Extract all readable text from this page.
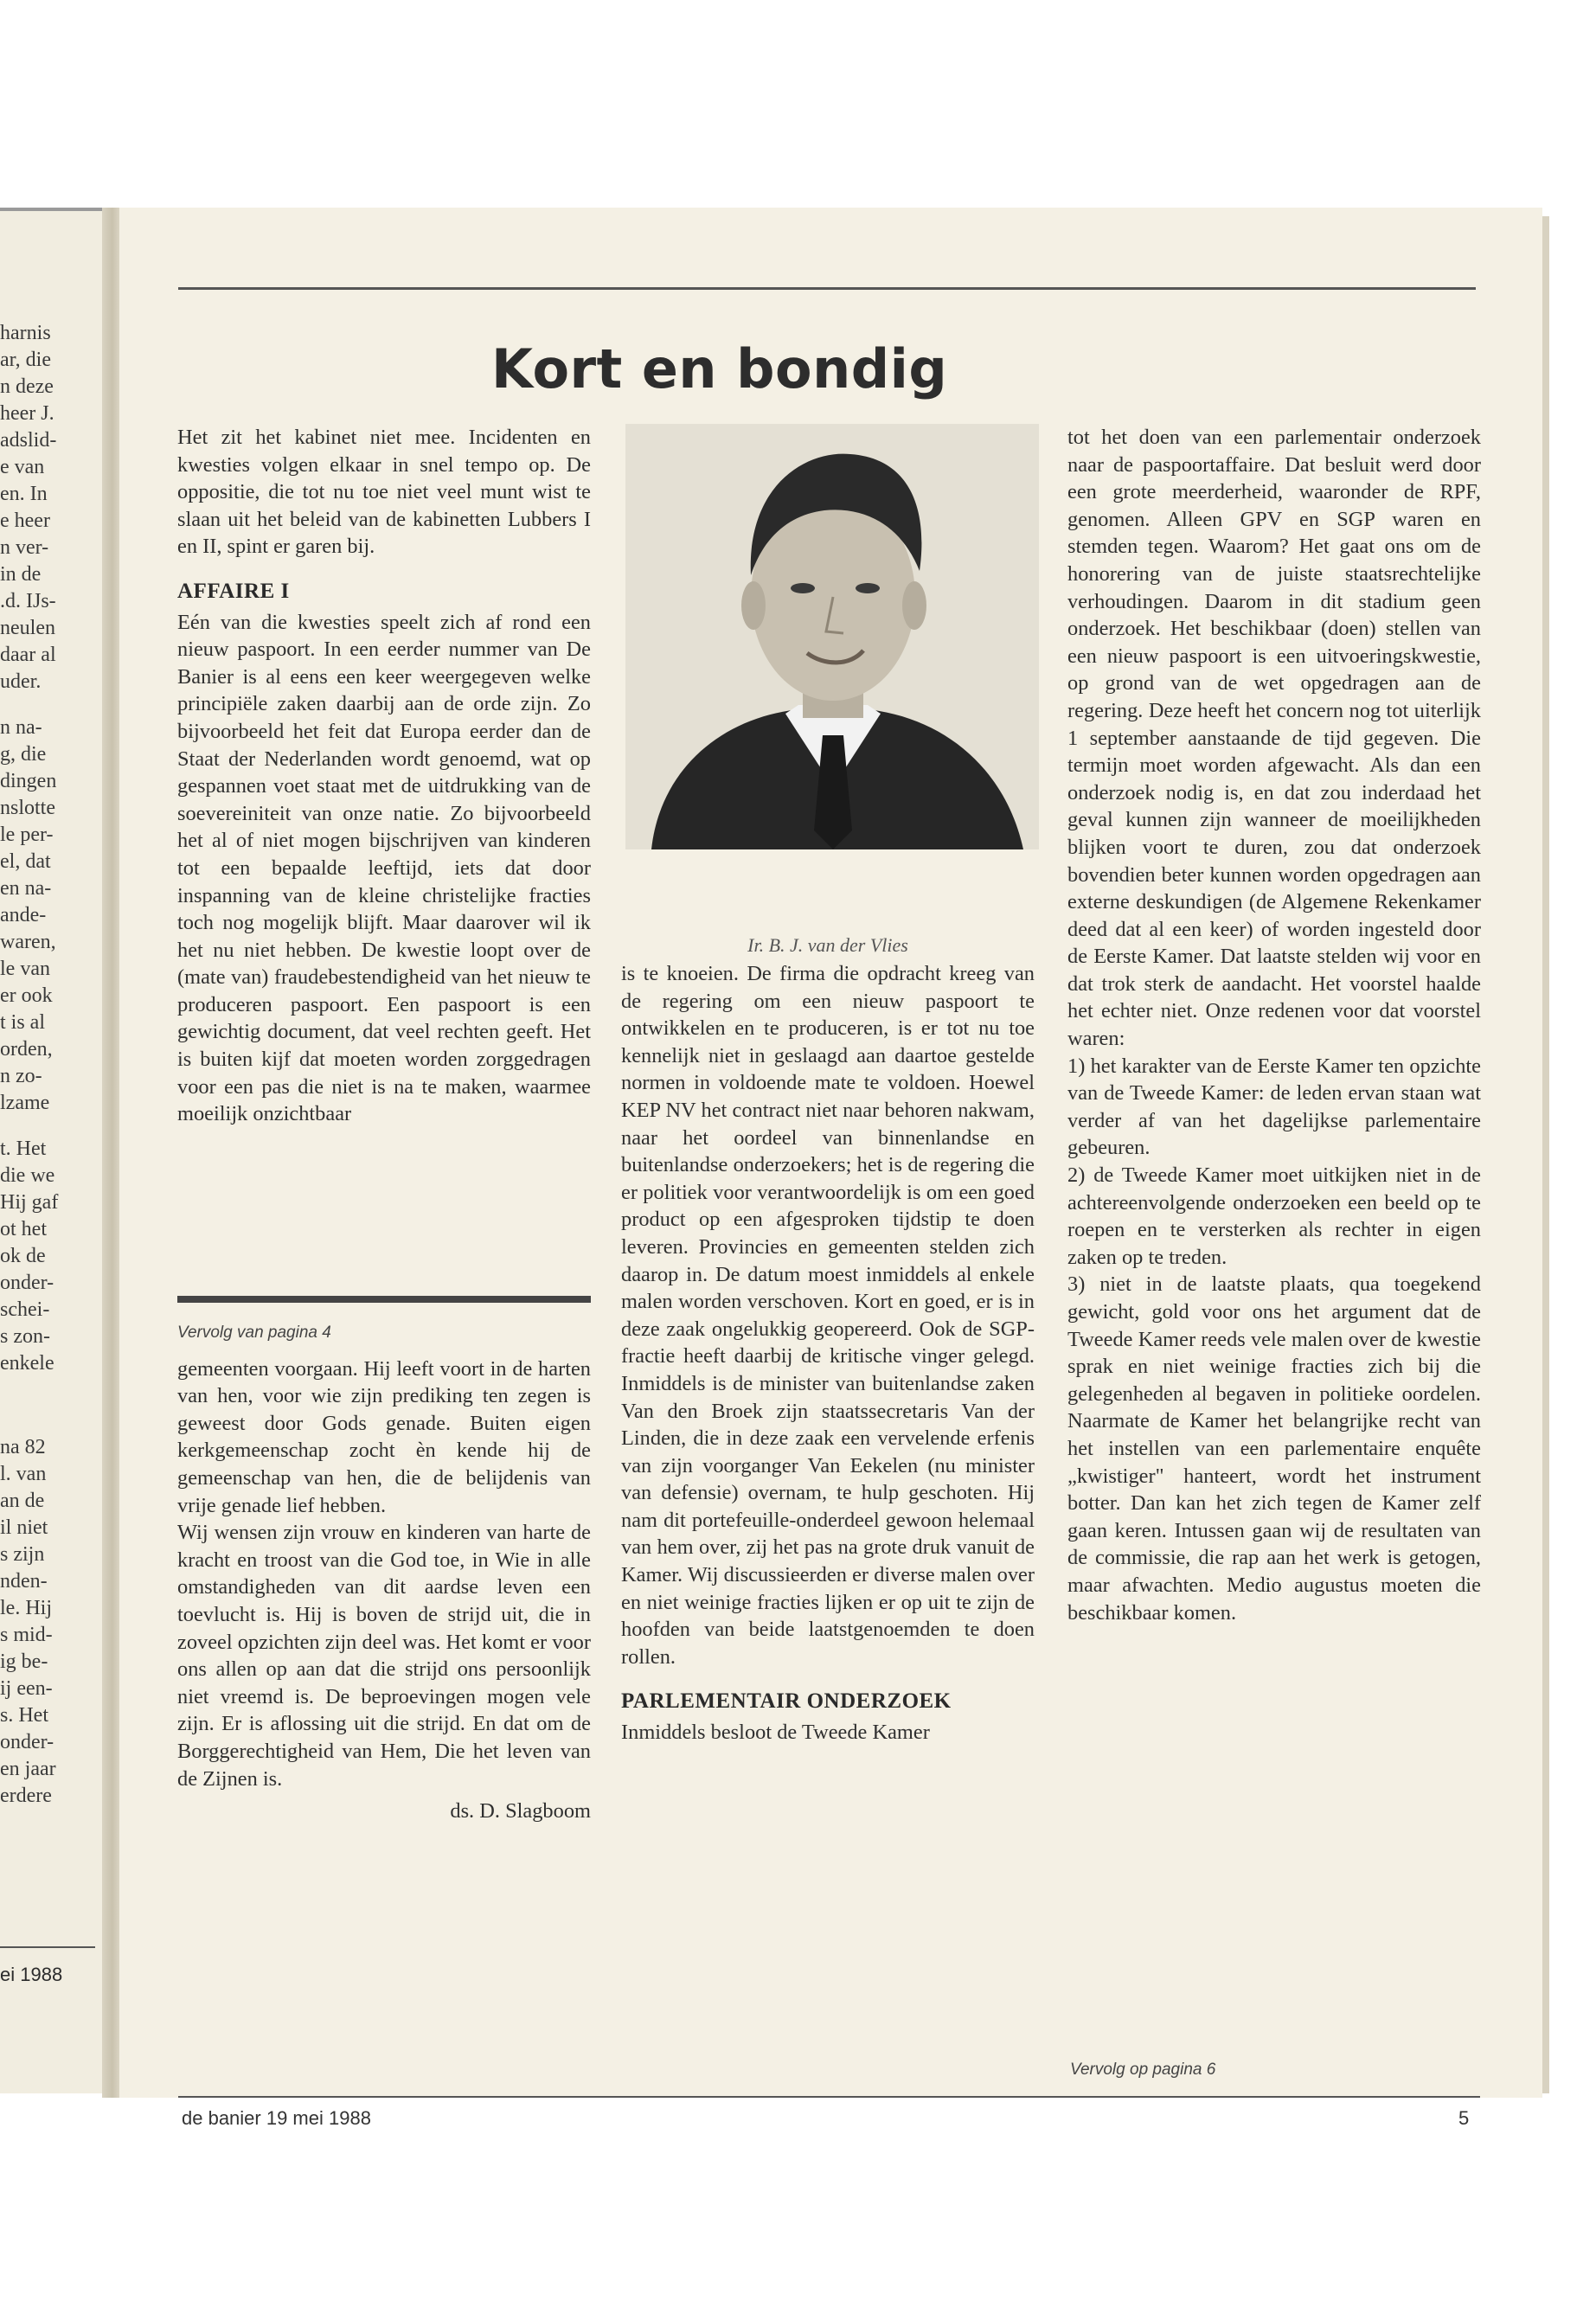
harnis
ar, die
n deze
heer J.
adslid-
e van
en. In
e heer
n ver-
in de
.d. IJs-
neulen
daar al
uder.
n na-
g, die
dingen
nslotte
le per-
el, dat
en na-
ande-
waren,
le van
er ook
t is al
orden,
n zo-
lzame
t. Het
die we
Hij gaf
ot het
ok de
onder-
schei-
s zon-
enkele
na 82
l. van
an de
il niet
s zijn
nden-
le. Hij
s mid-
ig be-
ij een-
s. Het
onder-
en jaar
erdere
ei 1988
Kort en bondig

Het zit het kabinet niet mee. Incidenten en kwesties volgen elkaar in snel tempo op. De oppositie, die tot nu toe niet veel munt wist te slaan uit het beleid van de kabinetten Lubbers I en II, spint er garen bij.

AFFAIRE I

Eén van die kwesties speelt zich af rond een nieuw paspoort. In een eerder nummer van De Banier is al eens een keer weergegeven welke principiële zaken daarbij aan de orde zijn. Zo bijvoorbeeld het feit dat Europa eerder dan de Staat der Nederlanden wordt genoemd, wat op gespannen voet staat met de uitdrukking van de soevereiniteit van onze natie. Zo bijvoorbeeld het al of niet mogen bijschrijven van kinderen tot een bepaalde leeftijd, iets dat door inspanning van de kleine christelijke fracties toch nog mogelijk blijft. Maar daarover wil ik het nu niet hebben. De kwestie loopt over de (mate van) fraudebestendigheid van het nieuw te produceren paspoort. Een paspoort is een gewichtig document, dat veel rechten geeft. Het is buiten kijf dat moeten worden zorggedragen voor een pas die niet is na te maken, waarmee moeilijk onzichtbaar

Vervolg van pagina 4

gemeenten voorgaan. Hij leeft voort in de harten van hen, voor wie zijn prediking ten zegen is geweest door Gods genade. Buiten eigen kerkgemeenschap zocht èn kende hij de gemeenschap van hen, die de belijdenis van vrije genade lief hebben.

Wij wensen zijn vrouw en kinderen van harte de kracht en troost van die God toe, in Wie in alle omstandigheden van dit aardse leven een toevlucht is. Hij is boven de strijd uit, die in zoveel opzichten zijn deel was. Het komt er voor ons allen op aan dat die strijd ons persoonlijk niet vreemd is. De beproevingen mogen vele zijn. Er is aflossing uit die strijd. En dat om de Borggerechtigheid van Hem, Die het leven van de Zijnen is.

ds. D. Slagboom
Ir. B. J. van der Vlies

is te knoeien. De firma die opdracht kreeg van de regering om een nieuw paspoort te ontwikkelen en te produceren, is er tot nu toe kennelijk niet in geslaagd aan daartoe gestelde normen in voldoende mate te voldoen. Hoewel KEP NV het contract niet naar behoren nakwam, naar het oordeel van binnenlandse en buitenlandse onderzoekers; het is de regering die er politiek voor verantwoordelijk is om een goed product op een afgesproken tijdstip te doen leveren. Provincies en gemeenten stelden zich daarop in. De datum moest inmiddels al enkele malen worden verschoven. Kort en goed, er is in deze zaak ongelukkig geopereerd. Ook de SGP-fractie heeft daarbij de kritische vinger gelegd. Inmiddels is de minister van buitenlandse zaken Van den Broek zijn staatssecretaris Van der Linden, die in deze zaak een vervelende erfenis van zijn voorganger Van Eekelen (nu minister van defensie) overnam, te hulp geschoten. Hij nam dit portefeuille-onderdeel gewoon helemaal van hem over, zij het pas na grote druk vanuit de Kamer. Wij discussieerden er diverse malen over en niet weinige fracties lijken er op uit te zijn de hoofden van beide laatstgenoemden te doen rollen.

PARLEMENTAIR ONDERZOEK

Inmiddels besloot de Tweede Kamer

tot het doen van een parlementair onderzoek naar de paspoortaffaire. Dat besluit werd door een grote meerderheid, waaronder de RPF, genomen. Alleen GPV en SGP waren en stemden tegen. Waarom? Het gaat ons om de honorering van de juiste staatsrechtelijke verhoudingen. Daarom in dit stadium geen onderzoek. Het beschikbaar (doen) stellen van een nieuw paspoort is een uitvoeringskwestie, op grond van de wet opgedragen aan de regering. Deze heeft het concern nog tot uiterlijk 1 september aanstaande de tijd gegeven. Die termijn moet worden afgewacht. Als dan een onderzoek nodig is, en dat zou inderdaad het geval kunnen zijn wanneer de moeilijkheden blijken voort te duren, zou dat onderzoek bovendien beter kunnen worden opgedragen aan externe deskundigen (de Algemene Rekenkamer deed dat al een keer) of worden ingesteld door de Eerste Kamer. Dat laatste stelden wij voor en dat trok sterk de aandacht. Het voorstel haalde het echter niet. Onze redenen voor dat voorstel waren:

1) het karakter van de Eerste Kamer ten opzichte van de Tweede Kamer: de leden ervan staan wat verder af van het dagelijkse parlementaire gebeuren.

2) de Tweede Kamer moet uitkijken niet in de achtereenvolgende onderzoeken een beeld op te roepen en te versterken als rechter in eigen zaken op te treden.

3) niet in de laatste plaats, qua toegekend gewicht, gold voor ons het argument dat de Tweede Kamer reeds vele malen over de kwestie sprak en niet weinige fracties zich bij die gelegenheden al begaven in politieke oordelen. Naarmate de Kamer het belangrijke recht van het instellen van een parlementaire enquête „kwistiger" hanteert, wordt het instrument botter. Dan kan het zich tegen de Kamer zelf gaan keren. Intussen gaan wij de resultaten van de commissie, die rap aan het werk is getogen, maar afwachten. Medio augustus moeten die beschikbaar komen.

Vervolg op pagina 6
de banier 19 mei 1988	5
